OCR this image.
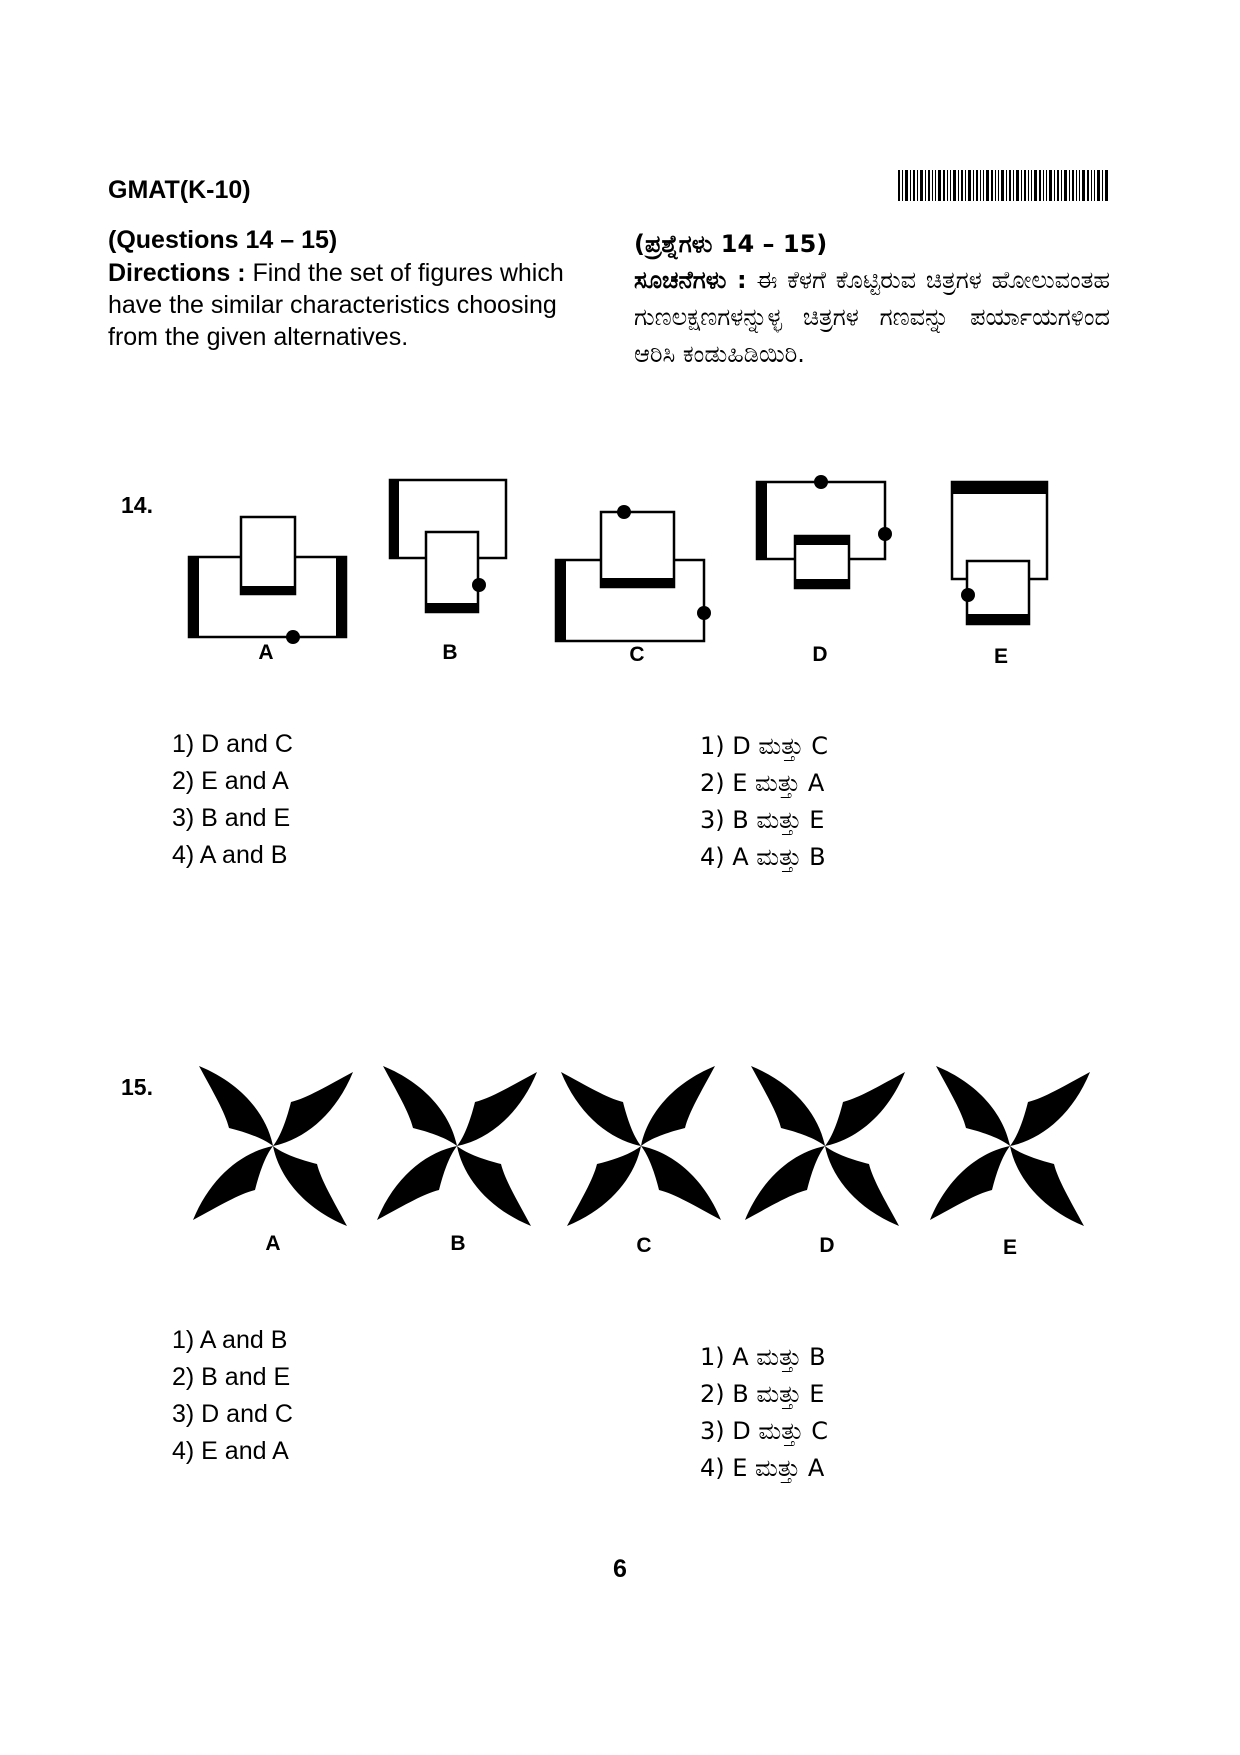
GMAT(K-10)
(Questions 14 – 15)
Directions : Find the set of figures which have the similar characteristics choosing from the given alternatives.
(ಪ್ರಶ್ನೆಗಳು 14 – 15)
ಸೂಚನೆಗಳು : ಈ ಕೆಳಗೆ ಕೊಟ್ಟಿರುವ ಚಿತ್ರಗಳ ಹೋಲುವಂತಹ ಗುಣಲಕ್ಷಣಗಳನ್ನುಳ್ಳ ಚಿತ್ರಗಳ ಗಣವನ್ನು ಪರ್ಯಾಯಗಳಿಂದ ಆರಿಸಿ ಕಂಡುಹಿಡಿಯಿರಿ.
14.
A	B	C	D	E
1) D and C
2) E and A
3) B and E
4) A and B
1) D ಮತ್ತು C
2) E ಮತ್ತು A
3) B ಮತ್ತು E
4) A ಮತ್ತು B
15.
A	B	C	D	E
1) A and B
2) B and E
3) D and C
4) E and A
1) A ಮತ್ತು B
2) B ಮತ್ತು E
3) D ಮತ್ತು C
4) E ಮತ್ತು A
6
